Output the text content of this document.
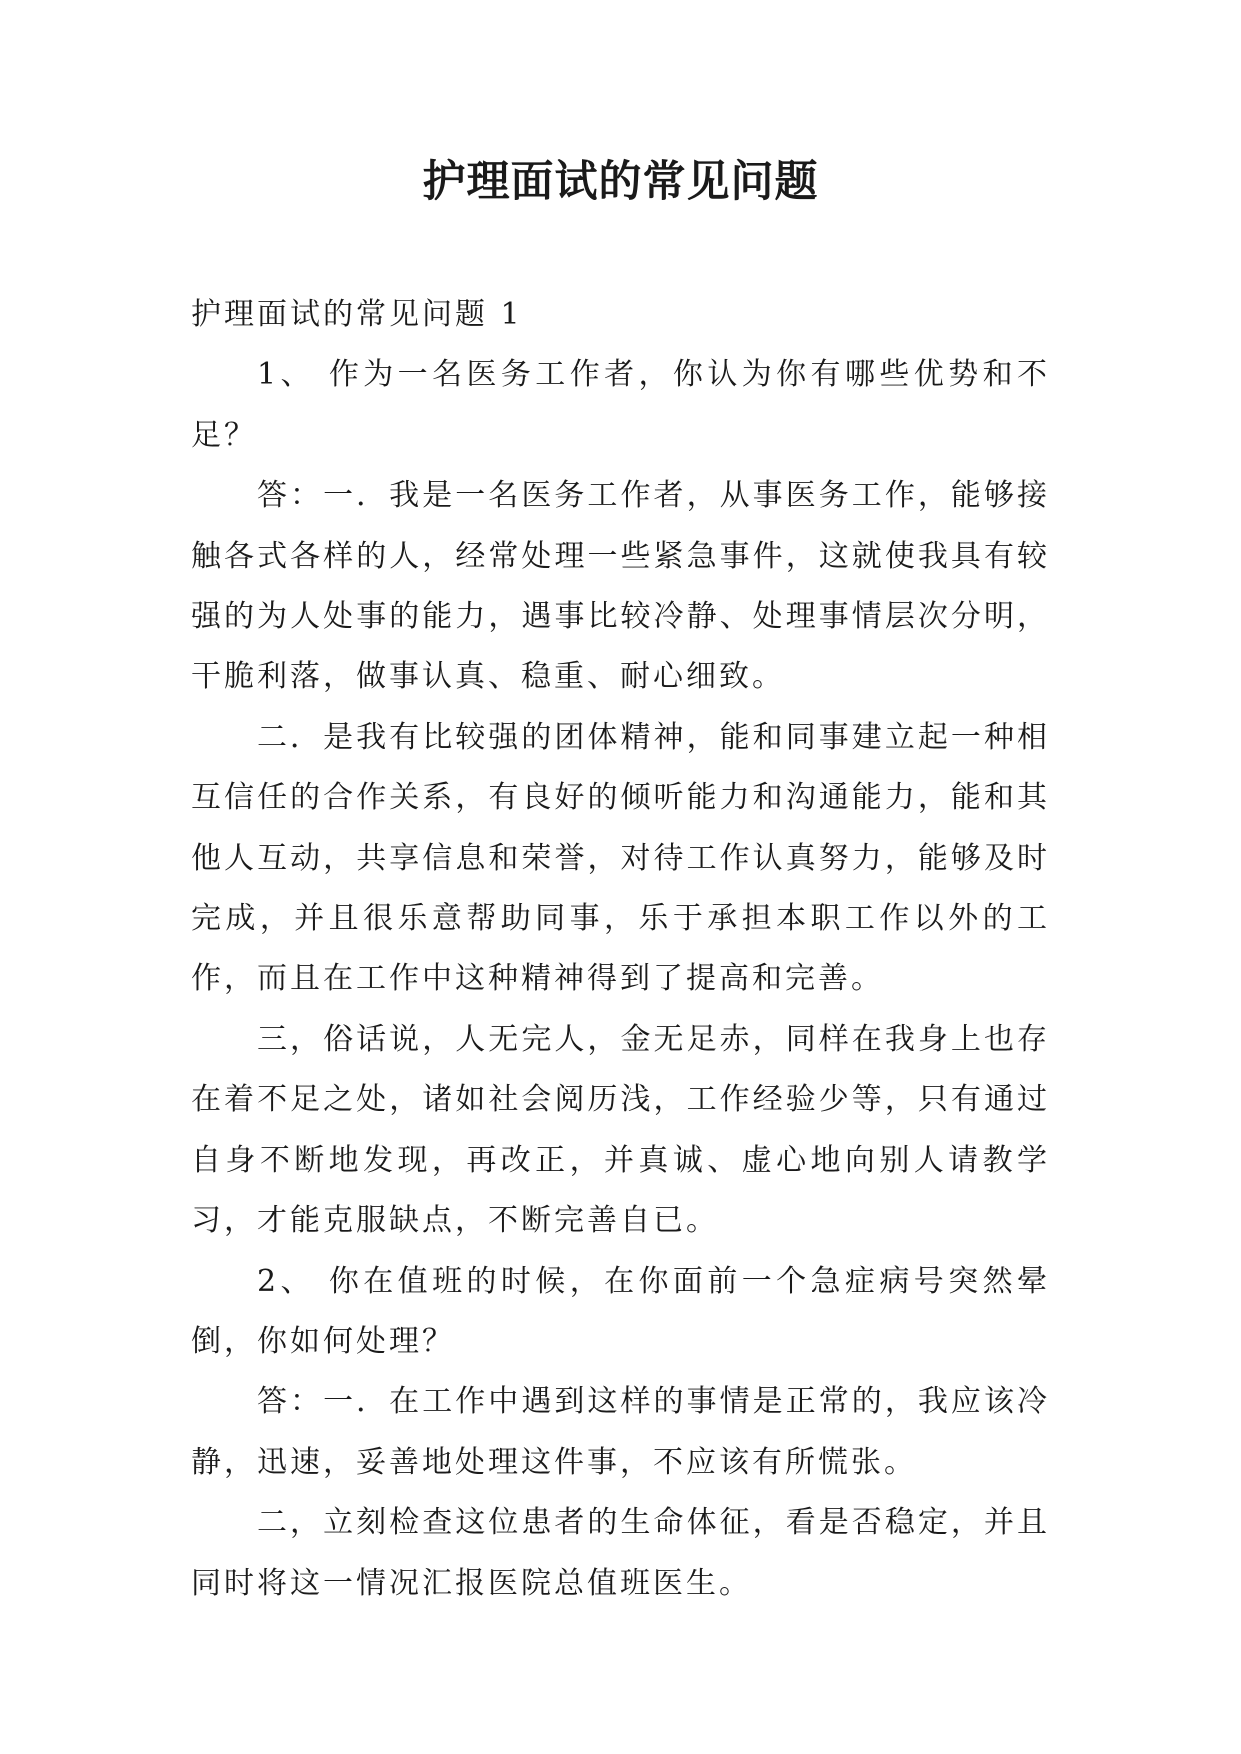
护理面试的常见问题

护理面试的常见问题 1

1、 作为一名医务工作者，你认为你有哪些优势和不足？

答：一．我是一名医务工作者，从事医务工作，能够接触各式各样的人，经常处理一些紧急事件，这就使我具有较强的为人处事的能力，遇事比较冷静、处理事情层次分明，干脆利落，做事认真、稳重、耐心细致。

二．是我有比较强的团体精神，能和同事建立起一种相互信任的合作关系，有良好的倾听能力和沟通能力，能和其他人互动，共享信息和荣誉，对待工作认真努力，能够及时完成，并且很乐意帮助同事，乐于承担本职工作以外的工作，而且在工作中这种精神得到了提高和完善。

三，俗话说，人无完人，金无足赤，同样在我身上也存在着不足之处，诸如社会阅历浅，工作经验少等，只有通过自身不断地发现，再改正，并真诚、虚心地向别人请教学习，才能克服缺点，不断完善自已。

2、 你在值班的时候，在你面前一个急症病号突然晕倒，你如何处理？

答：一．在工作中遇到这样的事情是正常的，我应该冷静，迅速，妥善地处理这件事，不应该有所慌张。

二，立刻检查这位患者的生命体征，看是否稳定，并且同时将这一情况汇报医院总值班医生。
